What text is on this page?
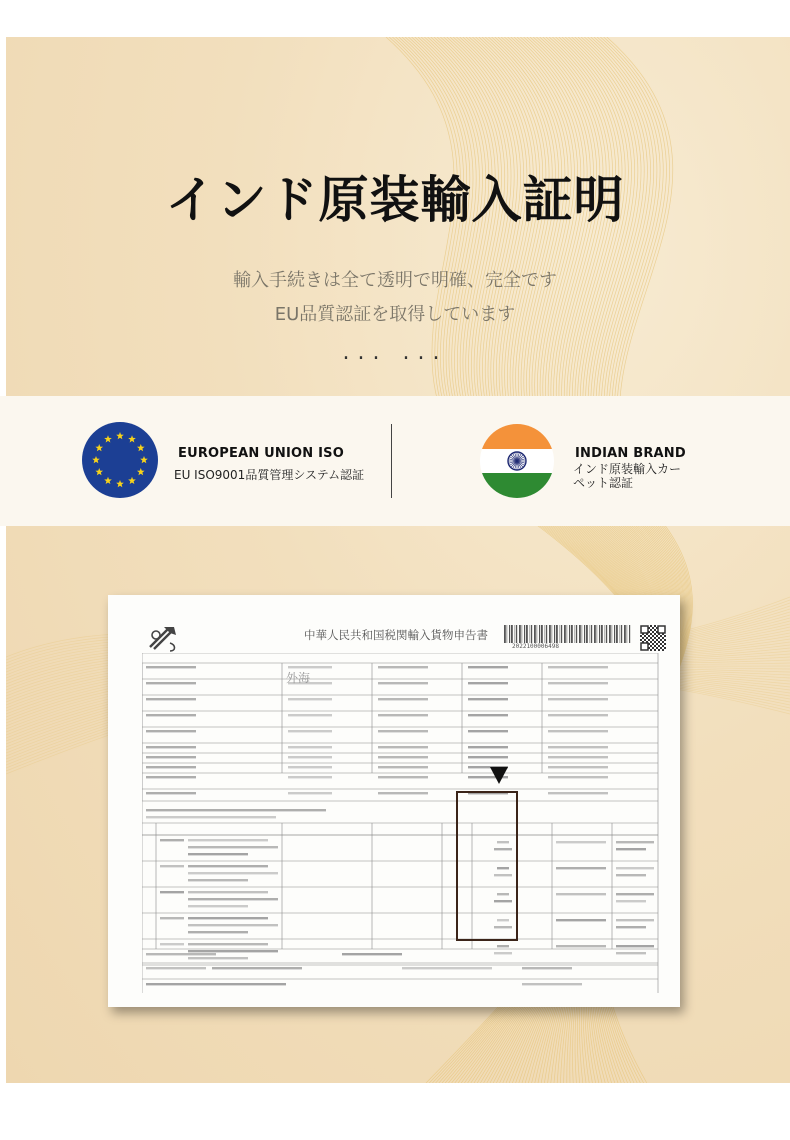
インド原装輸入証明
輸入手続きは全て透明で明確、完全です
EU品質認証を取得しています
... ...
EUROPEAN UNION ISO
EU ISO9001品質管理システム認証
INDIAN BRAND
インド原装輸入カー
ペット認証
中華人民共和国税関輸入貨物申告書
2022100006498
外海
